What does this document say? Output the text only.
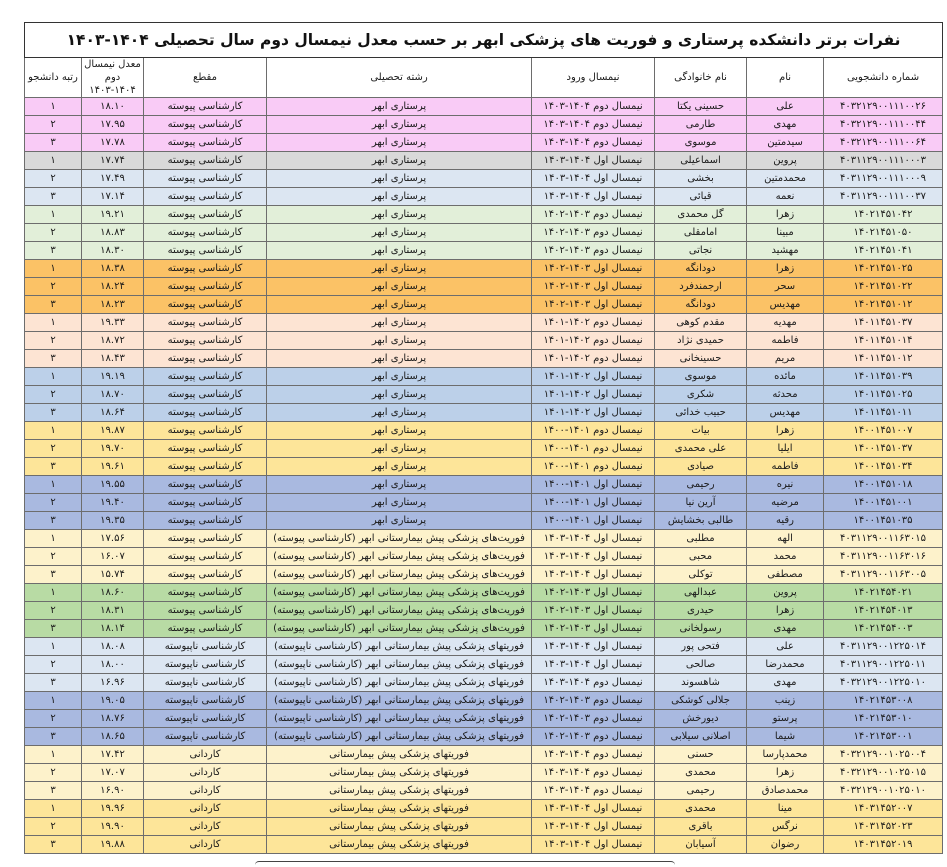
نفرات برتر دانشکده پرستاری و فوریت های پزشکی ابهر بر حسب معدل نیمسال دوم سال تحصیلی ۱۴۰۴-۱۴۰۳							
شماره دانشجویی	نام	نام خانوادگی	نیمسال ورود	رشته تحصیلی	مقطع	معدل نیمسال دوم ۱۴۰۴-۱۴۰۳	رتبه دانشجو
۴۰۳۲۱۲۹۰۰۱۱۱۰۰۲۶	علی	حسینی یکتا	نیمسال دوم ۱۴۰۴-۱۴۰۳	پرستاری ابهر	کارشناسی پیوسته	۱۸.۱۰	۱
۴۰۳۲۱۲۹۰۰۱۱۱۰۰۴۴	مهدی	طارمی	نیمسال دوم ۱۴۰۴-۱۴۰۳	پرستاری ابهر	کارشناسی پیوسته	۱۷.۹۵	۲
۴۰۳۲۱۲۹۰۰۱۱۱۰۰۶۴	سیدمتین	موسوی	نیمسال دوم ۱۴۰۴-۱۴۰۳	پرستاری ابهر	کارشناسی پیوسته	۱۷.۷۸	۳
۴۰۳۱۱۲۹۰۰۱۱۱۰۰۰۳	پروین	اسماعیلی	نیمسال اول ۱۴۰۴-۱۴۰۳	پرستاری ابهر	کارشناسی پیوسته	۱۷.۷۴	۱
۴۰۳۱۱۲۹۰۰۱۱۱۰۰۰۹	محمدمتین	بخشی	نیمسال اول ۱۴۰۴-۱۴۰۳	پرستاری ابهر	کارشناسی پیوسته	۱۷.۴۹	۲
۴۰۳۱۱۲۹۰۰۱۱۱۰۰۳۷	نعمه	قبائی	نیمسال اول ۱۴۰۴-۱۴۰۳	پرستاری ابهر	کارشناسی پیوسته	۱۷.۱۴	۳
۱۴۰۲۱۴۵۱۰۴۲	زهرا	گل محمدی	نیمسال دوم ۱۴۰۳-۱۴۰۲	پرستاری ابهر	کارشناسی پیوسته	۱۹.۲۱	۱
۱۴۰۲۱۴۵۱۰۵۰	مبینا	امامقلی	نیمسال دوم ۱۴۰۳-۱۴۰۲	پرستاری ابهر	کارشناسی پیوسته	۱۸.۸۳	۲
۱۴۰۲۱۴۵۱۰۴۱	مهشید	نجاتی	نیمسال دوم ۱۴۰۳-۱۴۰۲	پرستاری ابهر	کارشناسی پیوسته	۱۸.۳۰	۳
۱۴۰۲۱۴۵۱۰۲۵	زهرا	دودانگه	نیمسال اول ۱۴۰۳-۱۴۰۲	پرستاری ابهر	کارشناسی پیوسته	۱۸.۳۸	۱
۱۴۰۲۱۴۵۱۰۲۲	سحر	ارجمندفرد	نیمسال اول ۱۴۰۳-۱۴۰۲	پرستاری ابهر	کارشناسی پیوسته	۱۸.۲۴	۲
۱۴۰۲۱۴۵۱۰۱۲	مهدیس	دودانگه	نیمسال اول ۱۴۰۳-۱۴۰۲	پرستاری ابهر	کارشناسی پیوسته	۱۸.۲۳	۳
۱۴۰۱۱۴۵۱۰۳۷	مهدیه	مقدم کوهی	نیمسال دوم ۱۴۰۲-۱۴۰۱	پرستاری ابهر	کارشناسی پیوسته	۱۹.۳۳	۱
۱۴۰۱۱۴۵۱۰۱۴	فاطمه	حمیدی نژاد	نیمسال دوم ۱۴۰۲-۱۴۰۱	پرستاری ابهر	کارشناسی پیوسته	۱۸.۷۲	۲
۱۴۰۱۱۴۵۱۰۱۲	مریم	حسینخانی	نیمسال دوم ۱۴۰۲-۱۴۰۱	پرستاری ابهر	کارشناسی پیوسته	۱۸.۴۳	۳
۱۴۰۱۱۴۵۱۰۳۹	مائده	موسوی	نیمسال اول ۱۴۰۲-۱۴۰۱	پرستاری ابهر	کارشناسی پیوسته	۱۹.۱۹	۱
۱۴۰۱۱۴۵۱۰۲۵	محدثه	شکری	نیمسال اول ۱۴۰۲-۱۴۰۱	پرستاری ابهر	کارشناسی پیوسته	۱۸.۷۰	۲
۱۴۰۱۱۴۵۱۰۱۱	مهدیس	حبیب خدائی	نیمسال اول ۱۴۰۲-۱۴۰۱	پرستاری ابهر	کارشناسی پیوسته	۱۸.۶۴	۳
۱۴۰۰۱۴۵۱۰۰۷	زهرا	بیات	نیمسال دوم ۱۴۰۱-۱۴۰۰	پرستاری ابهر	کارشناسی پیوسته	۱۹.۸۷	۱
۱۴۰۰۱۴۵۱۰۳۷	ایلیا	علی محمدی	نیمسال دوم ۱۴۰۱-۱۴۰۰	پرستاری ابهر	کارشناسی پیوسته	۱۹.۷۰	۲
۱۴۰۰۱۴۵۱۰۳۴	فاطمه	صیادی	نیمسال دوم ۱۴۰۱-۱۴۰۰	پرستاری ابهر	کارشناسی پیوسته	۱۹.۶۱	۳
۱۴۰۰۱۴۵۱۰۱۸	نیره	رحیمی	نیمسال اول ۱۴۰۱-۱۴۰۰	پرستاری ابهر	کارشناسی پیوسته	۱۹.۵۵	۱
۱۴۰۰۱۴۵۱۰۰۱	مرضیه	آرین نیا	نیمسال اول ۱۴۰۱-۱۴۰۰	پرستاری ابهر	کارشناسی پیوسته	۱۹.۴۰	۲
۱۴۰۰۱۴۵۱۰۳۵	رقیه	طالبی بخشایش	نیمسال اول ۱۴۰۱-۱۴۰۰	پرستاری ابهر	کارشناسی پیوسته	۱۹.۳۵	۳
۴۰۳۱۱۲۹۰۰۱۱۶۳۰۱۵	الهه	مطلبی	نیمسال اول ۱۴۰۴-۱۴۰۳	فوریت‌های پزشکی پیش بیمارستانی ابهر (کارشناسی پیوسته)	کارشناسی پیوسته	۱۷.۵۶	۱
۴۰۳۱۱۲۹۰۰۱۱۶۳۰۱۶	محمد	محبی	نیمسال اول ۱۴۰۴-۱۴۰۳	فوریت‌های پزشکی پیش بیمارستانی ابهر (کارشناسی پیوسته)	کارشناسی پیوسته	۱۶.۰۷	۲
۴۰۳۱۱۲۹۰۰۱۱۶۳۰۰۵	مصطفی	توکلی	نیمسال اول ۱۴۰۴-۱۴۰۳	فوریت‌های پزشکی پیش بیمارستانی ابهر (کارشناسی پیوسته)	کارشناسی پیوسته	۱۵.۷۴	۳
۱۴۰۲۱۴۵۴۰۲۱	پروین	عبدالهی	نیمسال اول ۱۴۰۳-۱۴۰۲	فوریت‌های پزشکی پیش بیمارستانی ابهر (کارشناسی پیوسته)	کارشناسی پیوسته	۱۸.۶۰	۱
۱۴۰۲۱۴۵۴۰۱۳	زهرا	حیدری	نیمسال اول ۱۴۰۳-۱۴۰۲	فوریت‌های پزشکی پیش بیمارستانی ابهر (کارشناسی پیوسته)	کارشناسی پیوسته	۱۸.۳۱	۲
۱۴۰۲۱۴۵۴۰۰۳	مهدی	رسولخانی	نیمسال اول ۱۴۰۳-۱۴۰۲	فوریت‌های پزشکی پیش بیمارستانی ابهر (کارشناسی پیوسته)	کارشناسی پیوسته	۱۸.۱۴	۳
۴۰۳۱۱۲۹۰۰۱۲۲۵۰۱۴	علی	فتحی پور	نیمسال اول ۱۴۰۴-۱۴۰۳	فوریتهای پزشکی پیش بیمارستانی ابهر (کارشناسی ناپیوسته)	کارشناسی ناپیوسته	۱۸.۰۸	۱
۴۰۳۱۱۲۹۰۰۱۲۲۵۰۱۱	محمدرضا	صالحی	نیمسال اول ۱۴۰۴-۱۴۰۳	فوریتهای پزشکی پیش بیمارستانی ابهر (کارشناسی ناپیوسته)	کارشناسی ناپیوسته	۱۸.۰۰	۲
۴۰۳۲۱۲۹۰۰۱۲۲۵۰۱۰	مهدی	شاهسوند	نیمسال دوم ۱۴۰۴-۱۴۰۳	فوریتهای پزشکی پیش بیمارستانی ابهر (کارشناسی ناپیوسته)	کارشناسی ناپیوسته	۱۶.۹۶	۳
۱۴۰۲۱۴۵۳۰۰۸	زینب	جلالی کوشکی	نیمسال دوم ۱۴۰۳-۱۴۰۲	فوریتهای پزشکی پیش بیمارستانی ابهر (کارشناسی ناپیوسته)	کارشناسی ناپیوسته	۱۹.۰۵	۱
۱۴۰۲۱۴۵۳۰۱۰	پرستو	دیورخش	نیمسال دوم ۱۴۰۳-۱۴۰۲	فوریتهای پزشکی پیش بیمارستانی ابهر (کارشناسی ناپیوسته)	کارشناسی ناپیوسته	۱۸.۷۶	۲
۱۴۰۲۱۴۵۳۰۰۱	شیما	اصلانی سیلابی	نیمسال دوم ۱۴۰۳-۱۴۰۲	فوریتهای پزشکی پیش بیمارستانی ابهر (کارشناسی ناپیوسته)	کارشناسی ناپیوسته	۱۸.۶۵	۳
۴۰۳۲۱۲۹۰۰۱۰۲۵۰۰۴	محمدپارسا	حسنی	نیمسال دوم ۱۴۰۴-۱۴۰۳	فوریتهای پزشکی پیش بیمارستانی	کاردانی	۱۷.۴۲	۱
۴۰۳۲۱۲۹۰۰۱۰۲۵۰۱۵	زهرا	محمدی	نیمسال دوم ۱۴۰۴-۱۴۰۳	فوریتهای پزشکی پیش بیمارستانی	کاردانی	۱۷.۰۷	۲
۴۰۳۲۱۲۹۰۰۱۰۲۵۰۱۰	محمدصادق	رحیمی	نیمسال دوم ۱۴۰۴-۱۴۰۳	فوریتهای پزشکی پیش بیمارستانی	کاردانی	۱۶.۹۰	۳
۱۴۰۳۱۴۵۲۰۰۷	مینا	محمدی	نیمسال اول ۱۴۰۴-۱۴۰۳	فوریتهای پزشکی پیش بیمارستانی	کاردانی	۱۹.۹۶	۱
۱۴۰۳۱۴۵۲۰۲۳	نرگس	باقری	نیمسال اول ۱۴۰۴-۱۴۰۳	فوریتهای پزشکی پیش بیمارستانی	کاردانی	۱۹.۹۰	۲
۱۴۰۳۱۴۵۲۰۱۹	رضوان	آسیابان	نیمسال اول ۱۴۰۴-۱۴۰۳	فوریتهای پزشکی پیش بیمارستانی	کاردانی	۱۹.۸۸	۳
